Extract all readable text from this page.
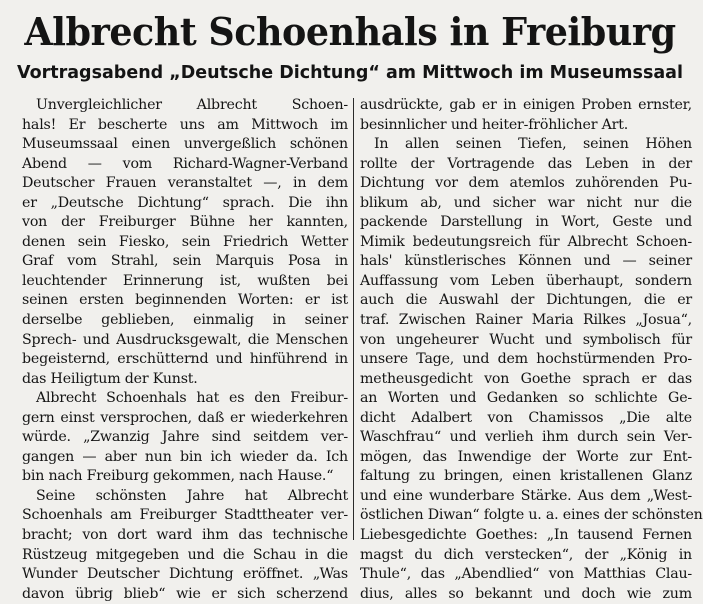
Albrecht Schoenhals in Freiburg
Vortragsabend „Deutsche Dichtung“ am Mittwoch im Museumssaal
Unvergleichlicher Albrecht Schoen-
hals! Er bescherte uns am Mittwoch im
Museumssaal einen unvergeßlich schönen
Abend — vom Richard-Wagner-Verband
Deutscher Frauen veranstaltet —, in dem
er „Deutsche Dichtung“ sprach. Die ihn
von der Freiburger Bühne her kannten,
denen sein Fiesko, sein Friedrich Wetter
Graf vom Strahl, sein Marquis Posa in
leuchtender Erinnerung ist, wußten bei
seinen ersten beginnenden Worten: er ist
derselbe geblieben, einmalig in seiner
Sprech- und Ausdrucksgewalt, die Menschen
begeisternd, erschütternd und hinführend in
das Heiligtum der Kunst.
Albrecht Schoenhals hat es den Freibur-
gern einst versprochen, daß er wiederkehren
würde. „Zwanzig Jahre sind seitdem ver-
gangen — aber nun bin ich wieder da. Ich
bin nach Freiburg gekommen, nach Hause.“
Seine schönsten Jahre hat Albrecht
Schoenhals am Freiburger Stadttheater ver-
bracht; von dort ward ihm das technische
Rüstzeug mitgegeben und die Schau in die
Wunder Deutscher Dichtung eröffnet. „Was
davon übrig blieb“ wie er sich scherzend
ausdrückte, gab er in einigen Proben ernster,
besinnlicher und heiter-fröhlicher Art.
In allen seinen Tiefen, seinen Höhen
rollte der Vortragende das Leben in der
Dichtung vor dem atemlos zuhörenden Pu-
blikum ab, und sicher war nicht nur die
packende Darstellung in Wort, Geste und
Mimik bedeutungsreich für Albrecht Schoen-
hals' künstlerisches Können und — seiner
Auffassung vom Leben überhaupt, sondern
auch die Auswahl der Dichtungen, die er
traf. Zwischen Rainer Maria Rilkes „Josua“,
von ungeheurer Wucht und symbolisch für
unsere Tage, und dem hochstürmenden Pro-
metheusgedicht von Goethe sprach er das
an Worten und Gedanken so schlichte Ge-
dicht Adalbert von Chamissos „Die alte
Waschfrau“ und verlieh ihm durch sein Ver-
mögen, das Inwendige der Worte zur Ent-
faltung zu bringen, einen kristallenen Glanz
und eine wunderbare Stärke. Aus dem „West-
östlichen Diwan“ folgte u. a. eines der schönsten
Liebesgedichte Goethes: „In tausend Fernen
magst du dich verstecken“, der „König in
Thule“, das „Abendlied“ von Matthias Clau-
dius, alles so bekannt und doch wie zum
